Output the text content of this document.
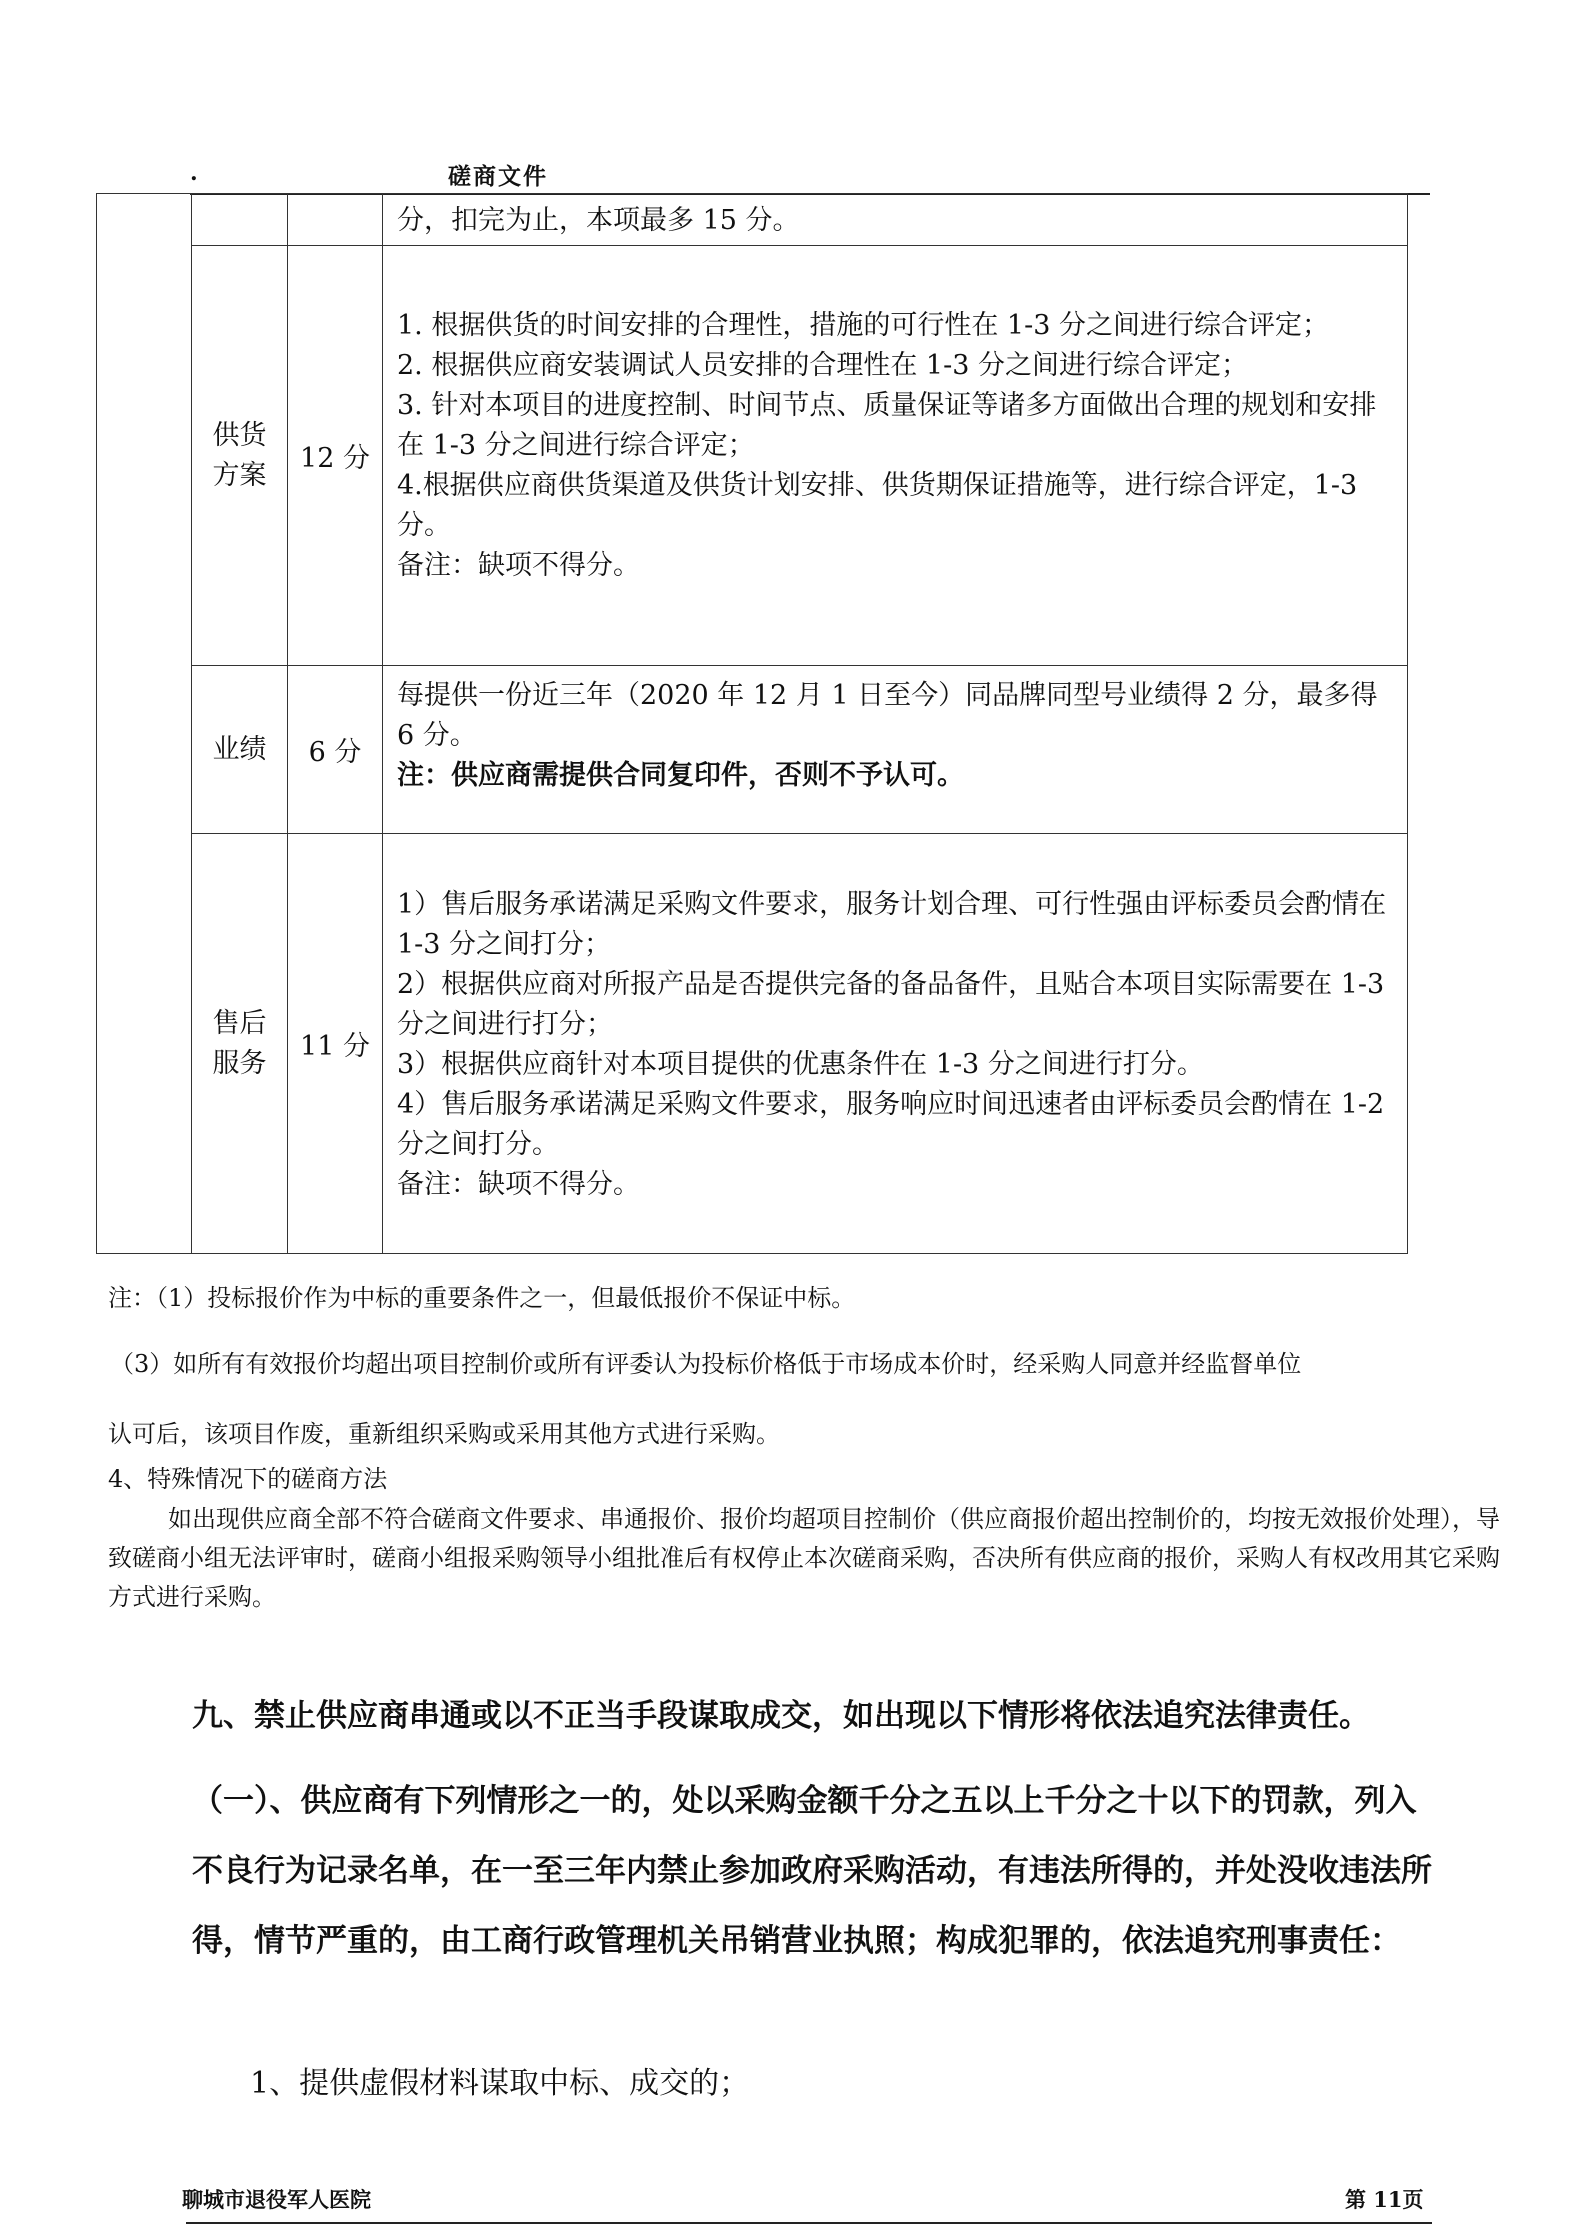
.	磋商文件

			分，扣完为止，本项最多 15 分。

	供货方案	12 分	1. 根据供货的时间安排的合理性，措施的可行性在 1-3 分之间进行综合评定；

2. 根据供应商安装调试人员安排的合理性在 1-3 分之间进行综合评定；

3. 针对本项目的进度控制、时间节点、质量保证等诸多方面做出合理的规划和安排在 1-3 分之间进行综合评定；

4.根据供应商供货渠道及供货计划安排、供货期保证措施等，进行综合评定，1-3 分。

备注：缺项不得分。

	业绩	6 分	每提供一份近三年（2020 年 12 月 1 日至今）同品牌同型号业绩得 2 分，最多得 6 分。

注：供应商需提供合同复印件，否则不予认可。

	售后服务	11 分	1）售后服务承诺满足采购文件要求，服务计划合理、可行性强由评标委员会酌情在 1-3 分之间打分；

2）根据供应商对所报产品是否提供完备的备品备件，且贴合本项目实际需要在 1-3 分之间进行打分；

3）根据供应商针对本项目提供的优惠条件在 1-3 分之间进行打分。

4）售后服务承诺满足采购文件要求，服务响应时间迅速者由评标委员会酌情在 1-2 分之间打分。

备注：缺项不得分。

注：（1）投标报价作为中标的重要条件之一，但最低报价不保证中标。
（3）如所有有效报价均超出项目控制价或所有评委认为投标价格低于市场成本价时，经采购人同意并经监督单位
认可后，该项目作废，重新组织采购或采用其他方式进行采购。
4、特殊情况下的磋商方法
如出现供应商全部不符合磋商文件要求、串通报价、报价均超项目控制价（供应商报价超出控制价的，均按无效报价处理），导致磋商小组无法评审时，磋商小组报采购领导小组批准后有权停止本次磋商采购，否决所有供应商的报价，采购人有权改用其它采购方式进行采购。
九、禁止供应商串通或以不正当手段谋取成交，如出现以下情形将依法追究法律责任。
（一）、供应商有下列情形之一的，处以采购金额千分之五以上千分之十以下的罚款，列入不良行为记录名单，在一至三年内禁止参加政府采购活动，有违法所得的，并处没收违法所得，情节严重的，由工商行政管理机关吊销营业执照；构成犯罪的，依法追究刑事责任：
1、提供虚假材料谋取中标、成交的；
聊城市退役军人医院	第 11页
